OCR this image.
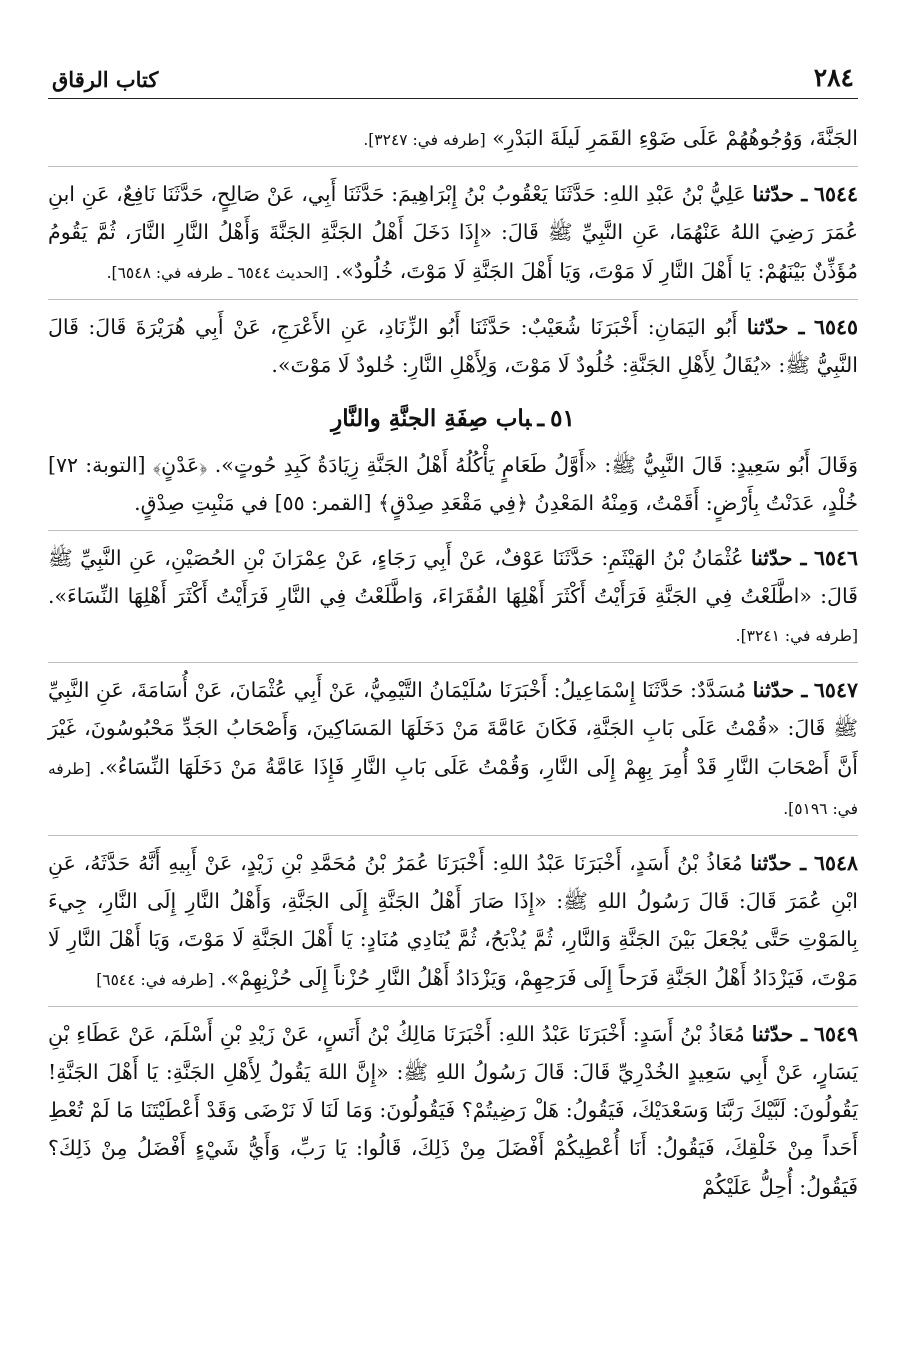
٢٨٤
كتاب الرقاق

الجَنَّةَ، وَوُجُوهُهُمْ عَلَى ضَوْءِ القَمَرِ لَيلَةَ البَدْرِ» [طرفه في: ٣٢٤٧].

٦٥٤٤ ـ حدّثنا عَلِيُّ بْنُ عَبْدِ اللهِ: حَدَّثَنَا يَعْقُوبُ بْنُ إِبْرَاهِيمَ: حَدَّثَنَا أَبِي، عَنْ صَالِحٍ، حَدَّثَنَا نَافِعٌ، عَنِ ابنِ عُمَرَ رَضِيَ اللهُ عَنْهُمَا، عَنِ النَّبِيِّ ﷺ قَالَ: «إِذَا دَخَلَ أَهْلُ الجَنَّةِ الجَنَّةَ وَأَهْلُ النَّارِ النَّارَ، ثُمَّ يَقُومُ مُؤَذِّنٌ بَيْنَهُمْ: يَا أَهْلَ النَّارِ لَا مَوْتَ، وَيَا أَهْلَ الجَنَّةِ لَا مَوْتَ، خُلُودٌ». [الحديث ٦٥٤٤ ـ طرفه في: ٦٥٤٨].

٦٥٤٥ ـ حدّثنا أَبُو اليَمَانِ: أَخْبَرَنَا شُعَيْبٌ: حَدَّثَنَا أَبُو الزِّنَادِ، عَنِ الأَعْرَجِ، عَنْ أَبِي هُرَيْرَةَ قَالَ: قَالَ النَّبِيُّ ﷺ: «يُقَالُ لِأَهْلِ الجَنَّةِ: خُلُودٌ لَا مَوْتَ، وَلِأَهْلِ النَّارِ: خُلودٌ لَا مَوْتَ».

٥١ـباب صِفَةِ الجنَّةِ والنَّارِ

وَقَالَ أَبُو سَعِيدٍ: قَالَ النَّبِيُّ ﷺ: «أَوَّلُ طَعَامٍ يَأْكُلُهُ أَهْلُ الجَنَّةِ زِيَادَةُ كَبِدِ حُوتٍ». ﴿عَدْنٍ﴾ [التوبة: ٧٢] خُلْدٍ، عَدَنْتُ بِأَرْضٍ: أَقَمْتُ، وَمِنْهُ المَعْدِنُ ﴿فِي مَقْعَدِ صِدْقٍ﴾ [القمر: ٥٥] في مَنْبِتِ صِدْقٍ.

٦٥٤٦ ـ حدّثنا عُثْمَانُ بْنُ الهَيْثَمِ: حَدَّثَنَا عَوْفٌ، عَنْ أَبِي رَجَاءٍ، عَنْ عِمْرَانَ بْنِ الحُصَيْنِ، عَنِ النَّبِيِّ ﷺ قَالَ: «اطَّلَعْتُ فِي الجَنَّةِ فَرَأَيْتُ أَكْثَرَ أَهْلِهَا الفُقَرَاءَ، وَاطَّلَعْتُ فِي النَّارِ فَرَأَيْتُ أَكْثَرَ أَهْلِهَا النِّسَاءَ». [طرفه في: ٣٢٤١].

٦٥٤٧ ـ حدّثنا مُسَدَّدٌ: حَدَّثَنَا إِسْمَاعِيلُ: أَخْبَرَنَا سُلَيْمَانُ التَّيْمِيُّ، عَنْ أَبِي عُثْمَانَ، عَنْ أُسَامَةَ، عَنِ النَّبِيِّ ﷺ قَالَ: «قُمْتُ عَلَى بَابِ الجَنَّةِ، فَكَانَ عَامَّةَ مَنْ دَخَلَهَا المَسَاكِينَ، وَأَصْحَابُ الجَدِّ مَحْبُوسُونَ، غَيْرَ أَنَّ أَصْحَابَ النَّارِ قَدْ أُمِرَ بِهِمْ إِلَى النَّارِ، وَقُمْتُ عَلَى بَابِ النَّارِ فَإِذَا عَامَّةُ مَنْ دَخَلَهَا النِّسَاءُ». [طرفه في: ٥١٩٦].

٦٥٤٨ ـ حدّثنا مُعَاذُ بْنُ أَسَدٍ، أَخْبَرَنَا عَبْدُ اللهِ: أَخْبَرَنَا عُمَرُ بْنُ مُحَمَّدِ بْنِ زَيْدٍ، عَنْ أَبِيهِ أَنَّهُ حَدَّثَهُ، عَنِ ابْنِ عُمَرَ قَالَ: قَالَ رَسُولُ اللهِ ﷺ: «إِذَا صَارَ أَهْلُ الجَنَّةِ إِلَى الجَنَّةِ، وَأَهْلُ النَّارِ إِلَى النَّارِ، جِيءَ بِالمَوْتِ حَتَّى يُجْعَلَ بَيْنَ الجَنَّةِ وَالنَّارِ، ثُمَّ يُذْبَحُ، ثُمَّ يُنَادِي مُنَادٍ: يَا أَهْلَ الجَنَّةِ لَا مَوْتَ، وَيَا أَهْلَ النَّارِ لَا مَوْتَ، فَيَزْدَادُ أَهْلُ الجَنَّةِ فَرَحاً إِلَى فَرَحِهِمْ، وَيَزْدَادُ أَهْلُ النَّارِ حُزْناً إِلَى حُزْنِهِمْ». [طرفه في: ٦٥٤٤]

٦٥٤٩ ـ حدّثنا مُعَاذُ بْنُ أَسَدٍ: أَخْبَرَنَا عَبْدُ اللهِ: أَخْبَرَنَا مَالِكُ بْنُ أَنَسٍ، عَنْ زَيْدِ بْنِ أَسْلَمَ، عَنْ عَطَاءِ بْنِ يَسَارٍ، عَنْ أَبِي سَعِيدٍ الخُدْرِيِّ قَالَ: قَالَ رَسُولُ اللهِ ﷺ: «إِنَّ اللهَ يَقُولُ لِأَهْلِ الجَنَّةِ: يَا أَهْلَ الجَنَّةِ! يَقُولُونَ: لَبَّيْكَ رَبَّنَا وَسَعْدَيْكَ، فَيَقُولُ: هَلْ رَضِيتُمْ؟ فَيَقُولُونَ: وَمَا لَنَا لَا نَرْضَى وَقَدْ أَعْطَيْتَنَا مَا لَمْ تُعْطِ أَحَداً مِنْ خَلْقِكَ، فَيَقُولُ: أَنَا أُعْطِيكُمْ أَفْضَلَ مِنْ ذَلِكَ، قَالُوا: يَا رَبِّ، وَأَيُّ شَيْءٍ أَفْضَلُ مِنْ ذَلِكَ؟ فَيَقُولُ: أُحِلُّ عَلَيْكُمْ
